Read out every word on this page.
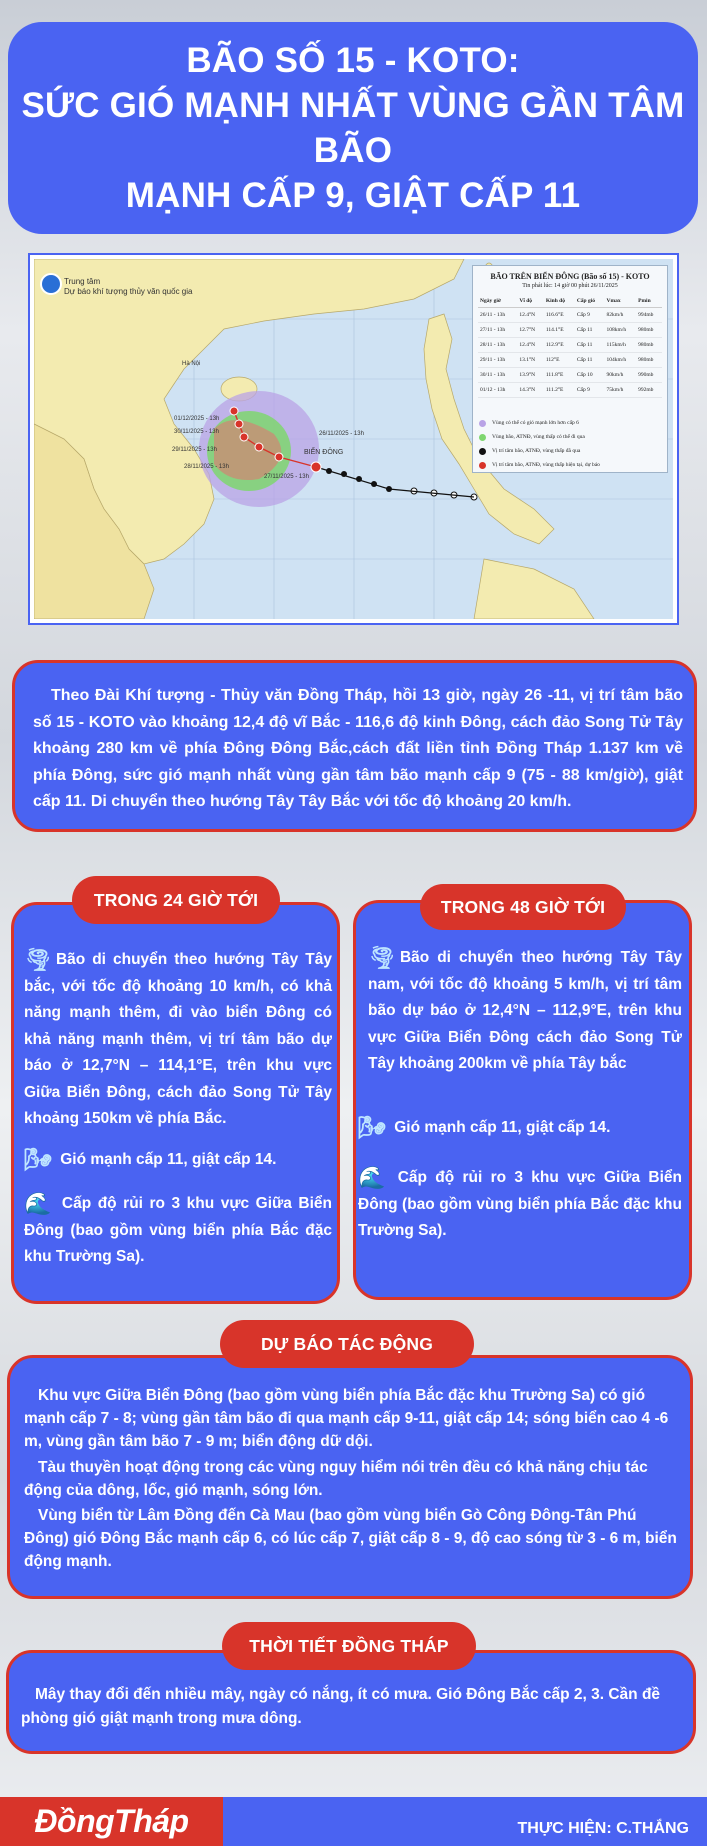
BÃO SỐ 15 - KOTO:
SỨC GIÓ MẠNH NHẤT VÙNG GẦN TÂM BÃO
MẠNH CẤP 9, GIẬT CẤP 11
Trung tâm
Dự báo khí tượng thủy văn quốc gia
Hà Nội
BIỂN ĐÔNG
26/11/2025 - 13h
27/11/2025 - 13h
28/11/2025 - 13h
29/11/2025 - 13h
30/11/2025 - 13h
01/12/2025 - 13h
BÃO TRÊN BIỂN ĐÔNG (Bão số 15) - KOTO
Tin phát lúc: 14 giờ 00 phút 26/11/2025
Ngày giờ	Vĩ độ	Kinh độ	Cấp gió	Vmax	Pmin
26/11 - 13h	12.4°N	116.6°E	Cấp 9	82km/h	994mb
27/11 - 13h	12.7°N	114.1°E	Cấp 11	108km/h	980mb
28/11 - 13h	12.4°N	112.9°E	Cấp 11	115km/h	980mb
29/11 - 13h	13.1°N	112°E	Cấp 11	104km/h	980mb
30/11 - 13h	13.9°N	111.8°E	Cấp 10	90km/h	990mb
01/12 - 13h	14.3°N	111.2°E	Cấp 9	75km/h	992mb
Vùng có thể có gió mạnh lớn hơn cấp 6
Vùng bão, ATNĐ, vùng thấp có thể đi qua
Vị trí tâm bão, ATNĐ, vùng thấp đã qua
Vị trí tâm bão, ATNĐ, vùng thấp hiện tại, dự báo

Theo Đài Khí tượng - Thủy văn Đồng Tháp, hồi 13 giờ, ngày 26 -11, vị trí tâm bão số 15 - KOTO vào khoảng 12,4 độ vĩ Bắc - 116,6 độ kinh Đông, cách đảo Song Tử Tây khoảng 280 km về phía Đông Đông Bắc,cách đất liền tỉnh Đồng Tháp 1.137 km về phía Đông, sức gió mạnh nhất vùng gần tâm bão mạnh cấp 9 (75 - 88 km/giờ), giật cấp 11. Di chuyển theo hướng Tây Tây Bắc với tốc độ khoảng 20 km/h.

🌪 Bão di chuyển theo hướng Tây Tây bắc, với tốc độ khoảng 10 km/h, có khả năng mạnh thêm, đi vào biển Đông có khả năng mạnh thêm, vị trí tâm bão dự báo ở 12,7°N – 114,1°E, trên khu vực Giữa Biển Đông, cách đảo Song Tử Tây khoảng 150km về phía Bắc.

🌬 Gió mạnh cấp 11, giật cấp 14.

🌊 Cấp độ rủi ro 3 khu vực Giữa Biển Đông (bao gồm vùng biển phía Bắc đặc khu Trường Sa).

TRONG 24 GIỜ TỚI

🌪 Bão di chuyển theo hướng Tây Tây nam, với tốc độ khoảng 5 km/h, vị trí tâm bão dự báo ở 12,4°N – 112,9°E, trên khu vực Giữa Biển Đông cách đảo Song Tử Tây khoảng 200km về phía Tây bắc

🌬 Gió mạnh cấp 11, giật cấp 14.

🌊 Cấp độ rủi ro 3 khu vực Giữa Biển Đông (bao gồm vùng biển phía Bắc đặc khu Trường Sa).

TRONG 48 GIỜ TỚI

Khu vực Giữa Biển Đông (bao gồm vùng biển phía Bắc đặc khu Trường Sa) có gió mạnh cấp 7 - 8; vùng gần tâm bão đi qua mạnh cấp 9-11, giật cấp 14; sóng biển cao 4 -6 m, vùng gần tâm bão 7 - 9 m; biển động dữ dội.

Tàu thuyền hoạt động trong các vùng nguy hiểm nói trên đều có khả năng chịu tác động của dông, lốc, gió mạnh, sóng lớn.

Vùng biển từ Lâm Đồng đến Cà Mau (bao gồm vùng biển Gò Công Đông-Tân Phú Đông) gió Đông Bắc mạnh cấp 6, có lúc cấp 7, giật cấp 8 - 9, độ cao sóng từ 3 - 6 m, biển động mạnh.

DỰ BÁO TÁC ĐỘNG

Mây thay đổi đến nhiều mây, ngày có nắng, ít có mưa. Gió Đông Bắc cấp 2, 3. Cần đề phòng gió giật mạnh trong mưa dông.

THỜI TIẾT ĐỒNG THÁP
ĐồngTháp	THỰC HIỆN: C.THẮNG
